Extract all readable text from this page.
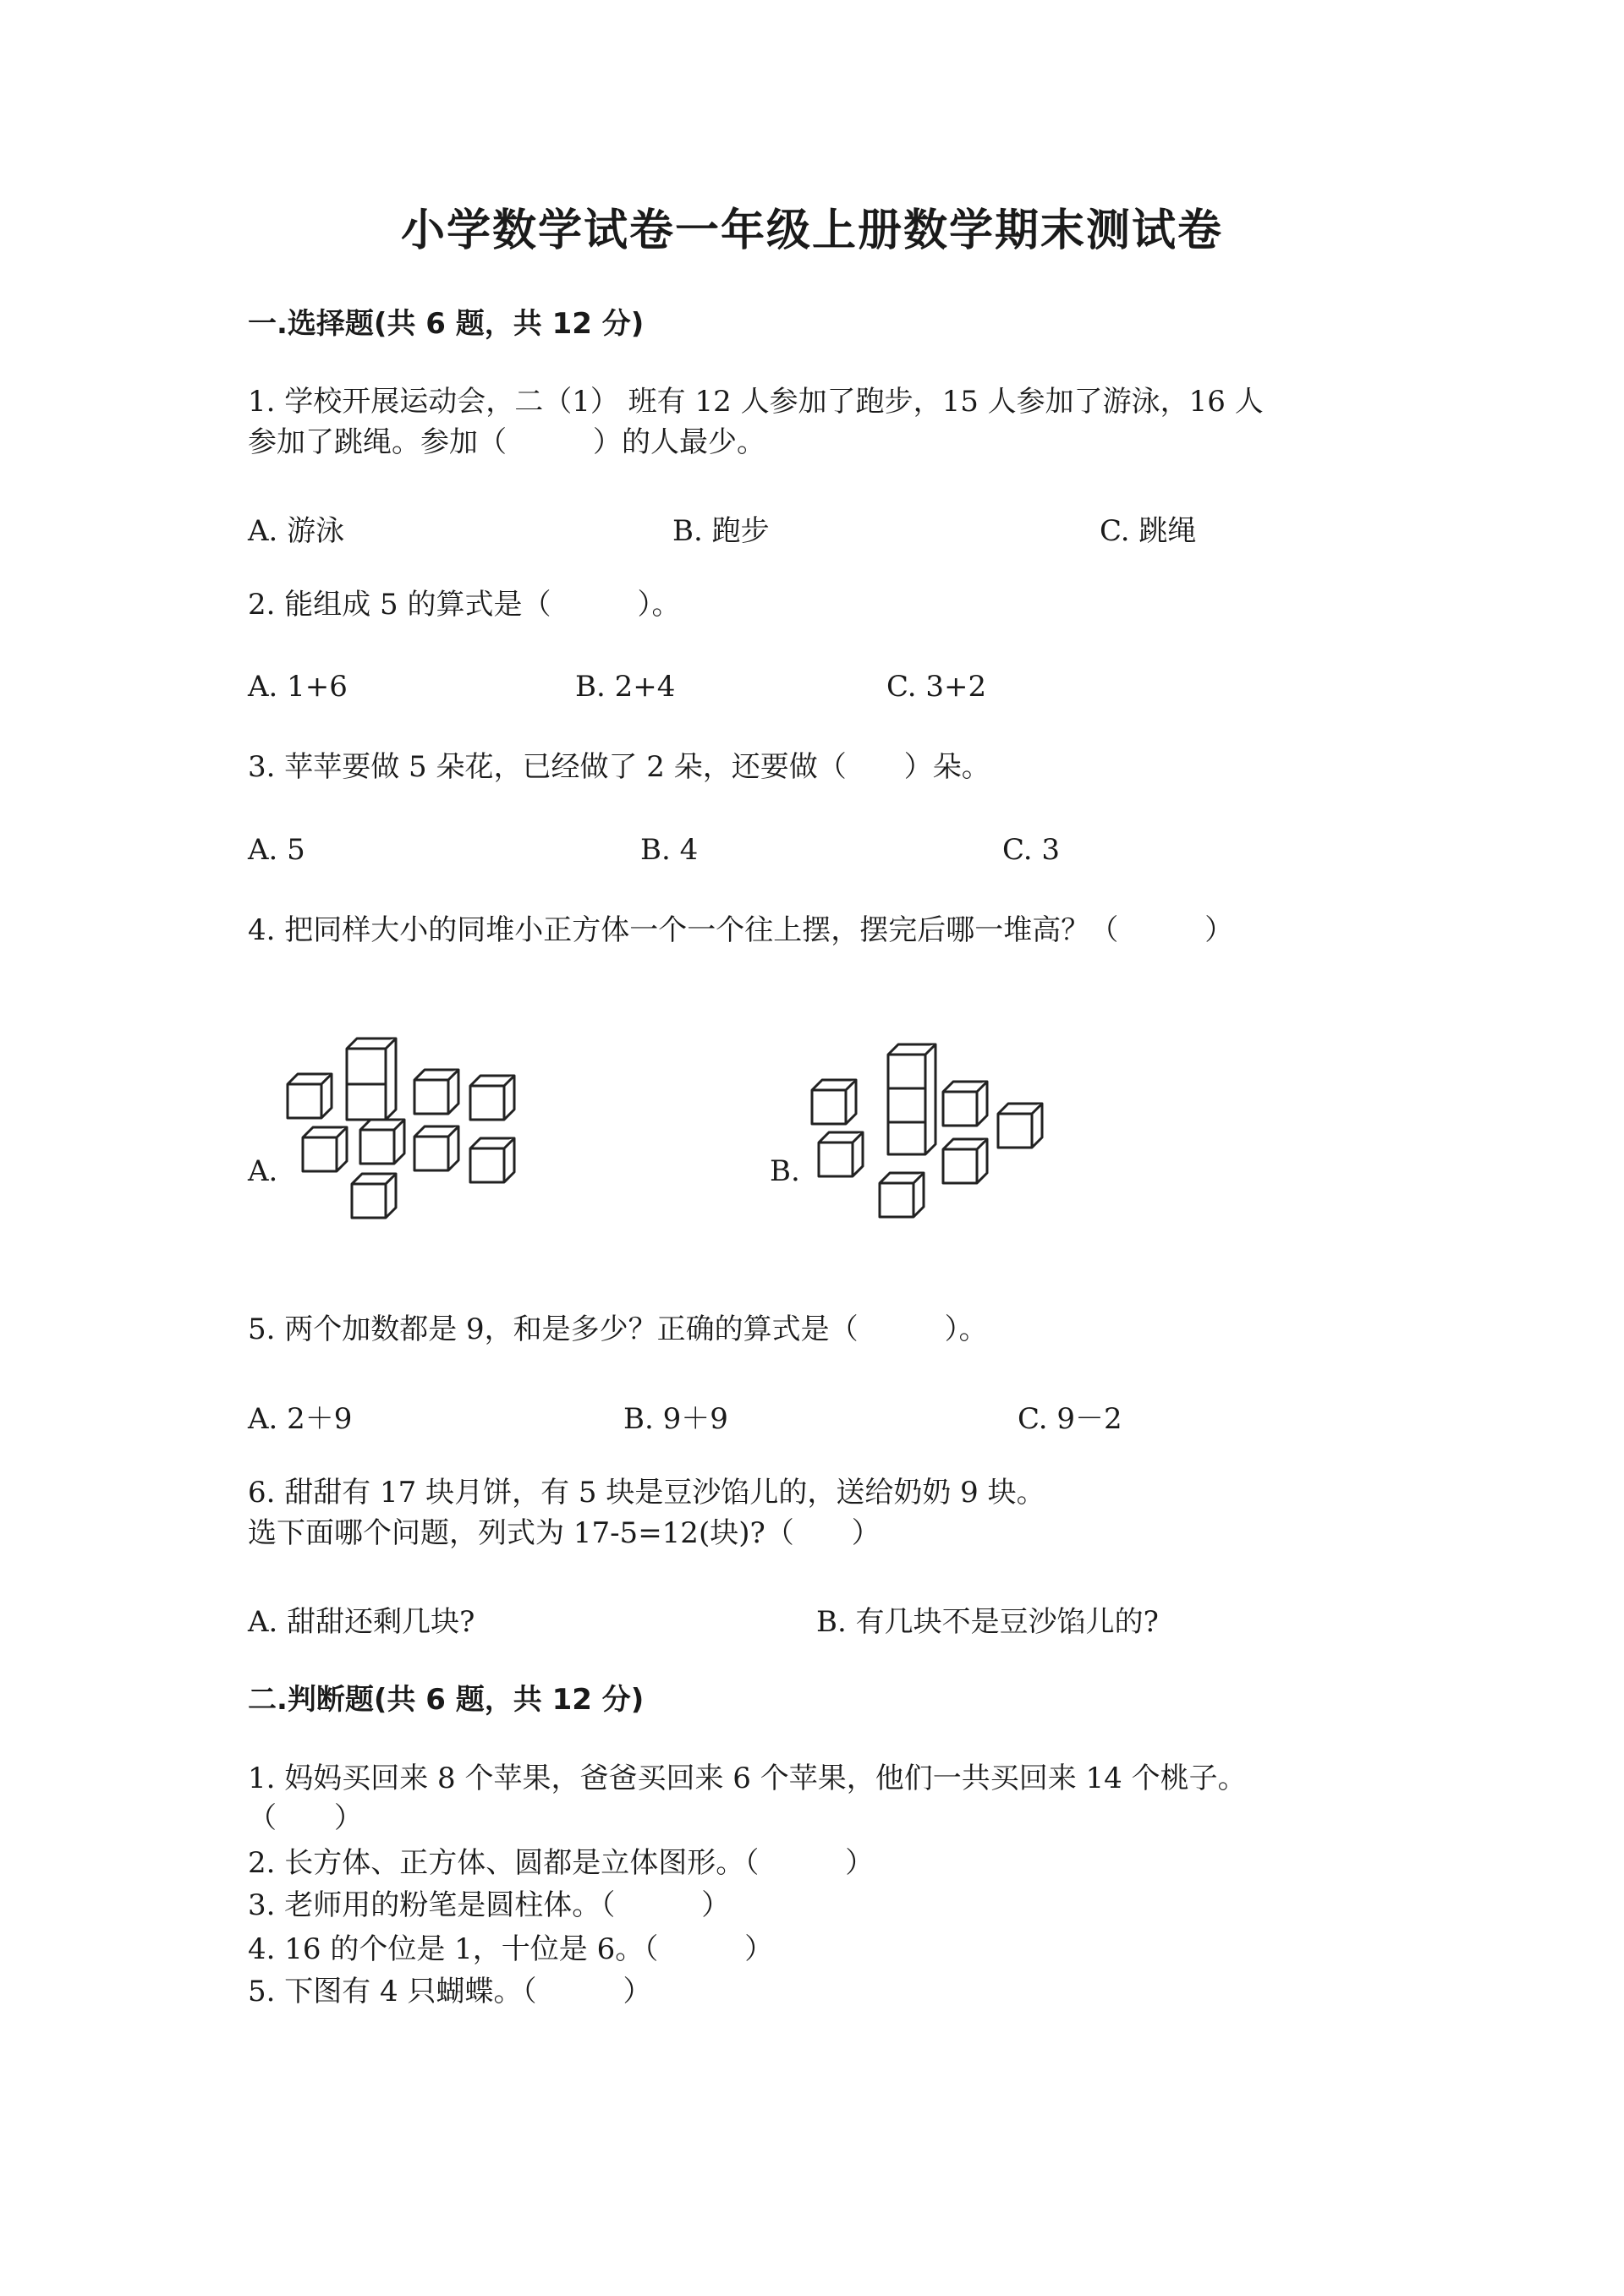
小学数学试卷一年级上册数学期末测试卷
一.选择题(共 6 题，共 12 分)
1. 学校开展运动会，二（1） 班有 12 人参加了跑步，15 人参加了游泳，16 人
参加了跳绳。参加（　　　）的人最少。
A. 游泳	B. 跑步	C. 跳绳
2. 能组成 5 的算式是（　　　）。
A. 1+6	B. 2+4	C. 3+2
3. 苹苹要做 5 朵花，已经做了 2 朵，还要做（　　）朵。
A. 5	B. 4	C. 3
4. 把同样大小的同堆小正方体一个一个往上摆，摆完后哪一堆高？（　　　）
A.	B.
5. 两个加数都是 9，和是多少？正确的算式是（　　　）。
A. 2＋9	B. 9＋9	C. 9－2
6. 甜甜有 17 块月饼，有 5 块是豆沙馅儿的，送给奶奶 9 块。
选下面哪个问题，列式为 17-5=12(块)?（　　）
A. 甜甜还剩几块?	B. 有几块不是豆沙馅儿的?
二.判断题(共 6 题，共 12 分)
1. 妈妈买回来 8 个苹果，爸爸买回来 6 个苹果，他们一共买回来 14 个桃子。
（　　）
2. 长方体、正方体、圆都是立体图形。（　　　）
3. 老师用的粉笔是圆柱体。（　　　）
4. 16 的个位是 1，十位是 6。（　　　）
5. 下图有 4 只蝴蝶。（　　　）
